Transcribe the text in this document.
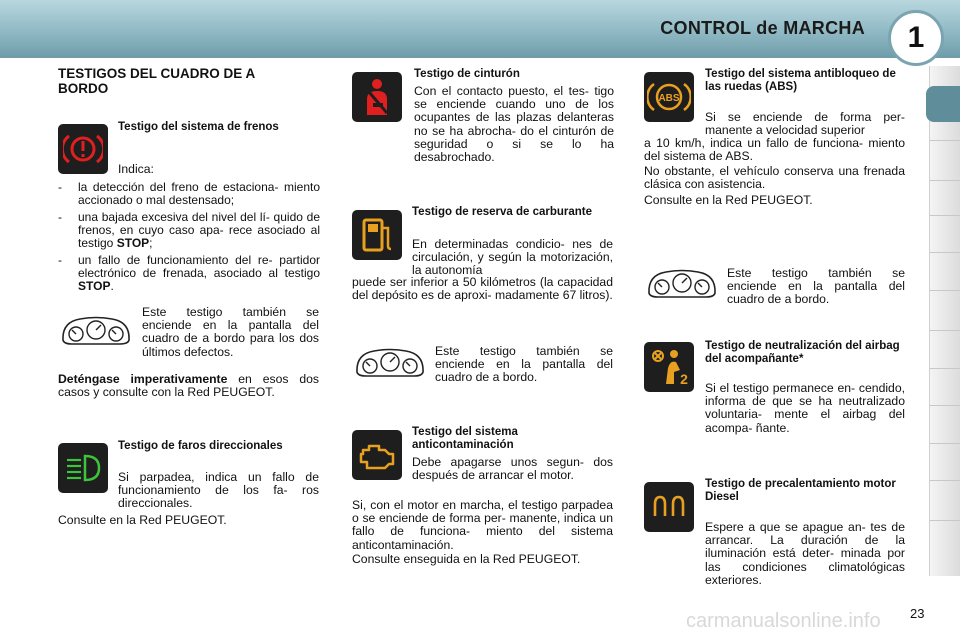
CONTROL de MARCHA	1
TESTIGOS DEL CUADRO DE A BORDO
Testigo del sistema de frenos
Indica:
- la detección del freno de estaciona- miento accionado o mal destensado;
- una bajada excesiva del nivel del lí- quido de frenos, en cuyo caso apa- rece asociado al testigo STOP;
- un fallo de funcionamiento del re- partidor electrónico de frenada, asociado al testigo STOP.
Este testigo también se enciende en la pantalla del cuadro de a bordo para los dos últimos defectos.
Deténgase imperativamente en esos dos casos y consulte con la Red PEUGEOT.
Testigo de faros direccionales
Si parpadea, indica un fallo de funcionamiento de los fa- ros direccionales.
Consulte en la Red PEUGEOT.
Testigo de cinturón
Con el contacto puesto, el tes- tigo se enciende cuando uno de los ocupantes de las plazas delanteras no se ha abrocha- do el cinturón de seguridad o si se lo ha desabrochado.
Testigo de reserva de carburante
En determinadas condicio- nes de circulación, y según la motorización, la autonomía
puede ser inferior a 50 kilómetros (la capacidad del depósito es de aproxi- madamente 67 litros).
Este testigo también se enciende en la pantalla del cuadro de a bordo.
Testigo del sistema anticontaminación
Debe apagarse unos segun- dos después de arrancar el motor.
Si, con el motor en marcha, el testigo parpadea o se enciende de forma per- manente, indica un fallo de funciona- miento del sistema anticontaminación.
Consulte enseguida en la Red PEUGEOT.
ABS
Testigo del sistema antibloqueo de las ruedas (ABS)
Si se enciende de forma per- manente a velocidad superior
a 10 km/h, indica un fallo de funciona- miento del sistema de ABS.
No obstante, el vehículo conserva una frenada clásica con asistencia.
Consulte en la Red PEUGEOT.
Este testigo también se enciende en la pantalla del cuadro de a bordo.
2
Testigo de neutralización del airbag del acompañante*
Si el testigo permanece en- cendido, informa de que se ha neutralizado voluntaria- mente el airbag del acompa- ñante.
Testigo de precalentamiento motor Diesel
Espere a que se apague an- tes de arrancar. La duración de la iluminación está deter- minada por las condiciones climatológicas exteriores.
carmanualsonline.info 23
